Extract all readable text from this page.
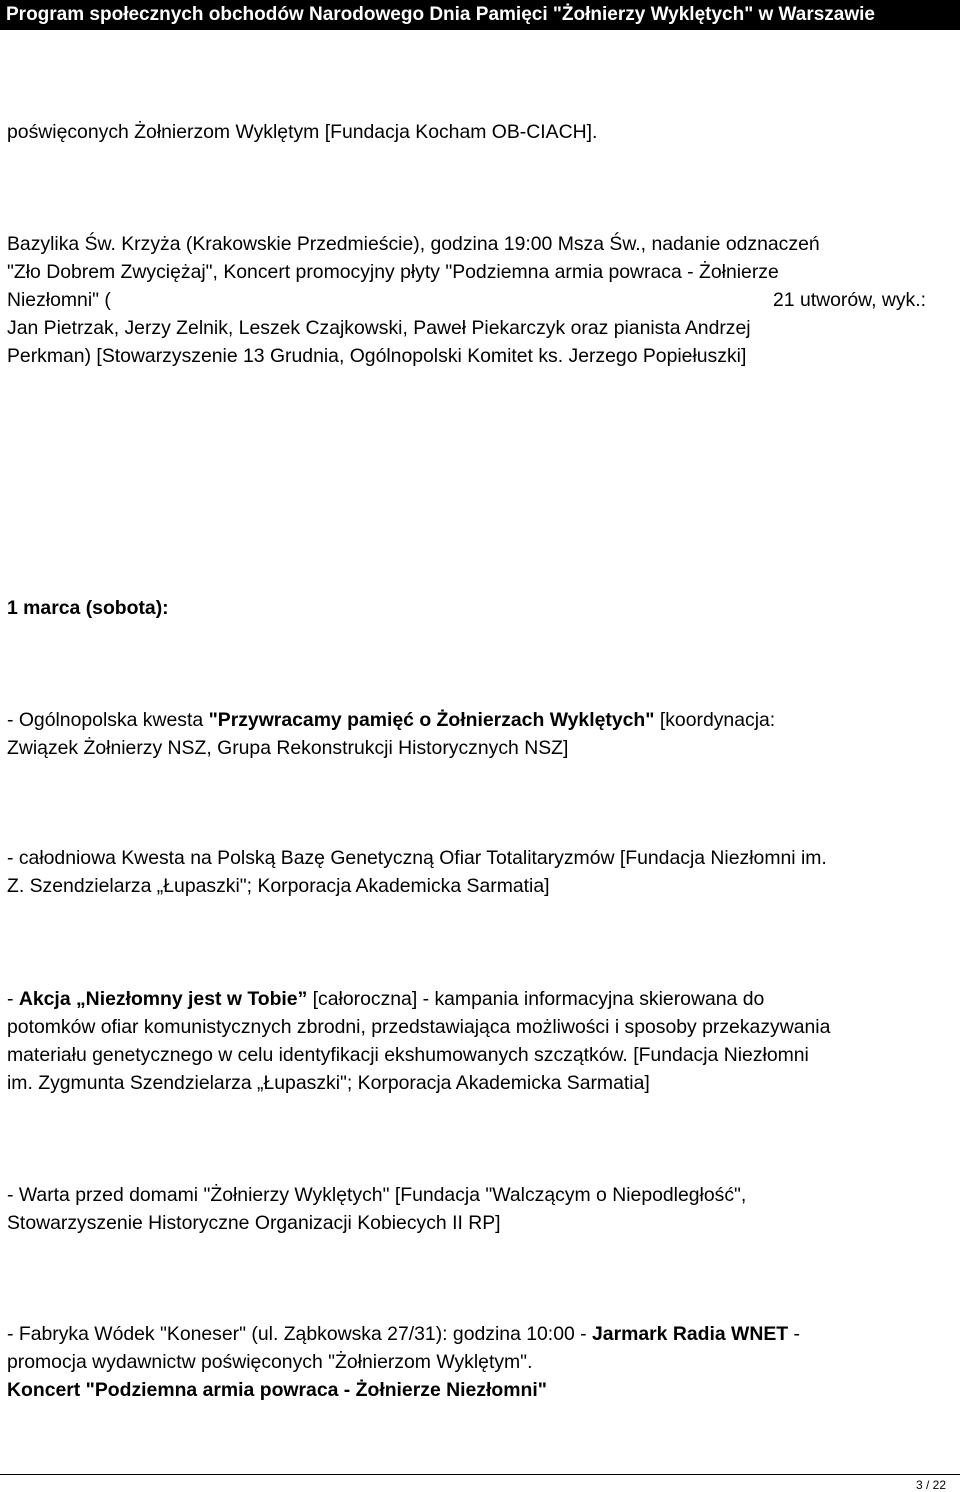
Program społecznych obchodów Narodowego Dnia Pamięci "Żołnierzy Wyklętych" w Warszawie
poświęconych Żołnierzom Wyklętym [Fundacja Kocham OB-CIACH].
Bazylika Św. Krzyża (Krakowskie Przedmieście), godzina 19:00 Msza Św., nadanie odznaczeń
"Zło Dobrem Zwyciężaj", Koncert promocyjny płyty "Podziemna armia powraca - Żołnierze
Niezłomni" (	21 utworów, wyk.:
Jan Pietrzak, Jerzy Zelnik, Leszek Czajkowski, Paweł Piekarczyk oraz pianista Andrzej
Perkman) [Stowarzyszenie 13 Grudnia, Ogólnopolski Komitet ks. Jerzego Popiełuszki]
1 marca (sobota):
- Ogólnopolska kwesta "Przywracamy pamięć o Żołnierzach Wyklętych" [koordynacja:
Związek Żołnierzy NSZ, Grupa Rekonstrukcji Historycznych NSZ]
- całodniowa Kwesta na Polską Bazę Genetyczną Ofiar Totalitaryzmów [Fundacja Niezłomni im.
Z. Szendzielarza „Łupaszki"; Korporacja Akademicka Sarmatia]
- Akcja „Niezłomny jest w Tobie” [całoroczna] - kampania informacyjna skierowana do
potomków ofiar komunistycznych zbrodni, przedstawiająca możliwości i sposoby przekazywania
materiału genetycznego w celu identyfikacji ekshumowanych szczątków. [Fundacja Niezłomni
im. Zygmunta Szendzielarza „Łupaszki"; Korporacja Akademicka Sarmatia]
- Warta przed domami "Żołnierzy Wyklętych" [Fundacja "Walczącym o Niepodległość",
Stowarzyszenie Historyczne Organizacji Kobiecych II RP]
- Fabryka Wódek "Koneser" (ul. Ząbkowska 27/31): godzina 10:00 - Jarmark Radia WNET -
promocja wydawnictw poświęconych "Żołnierzom Wyklętym".
Koncert "Podziemna armia powraca - Żołnierze Niezłomni"
3 / 22
